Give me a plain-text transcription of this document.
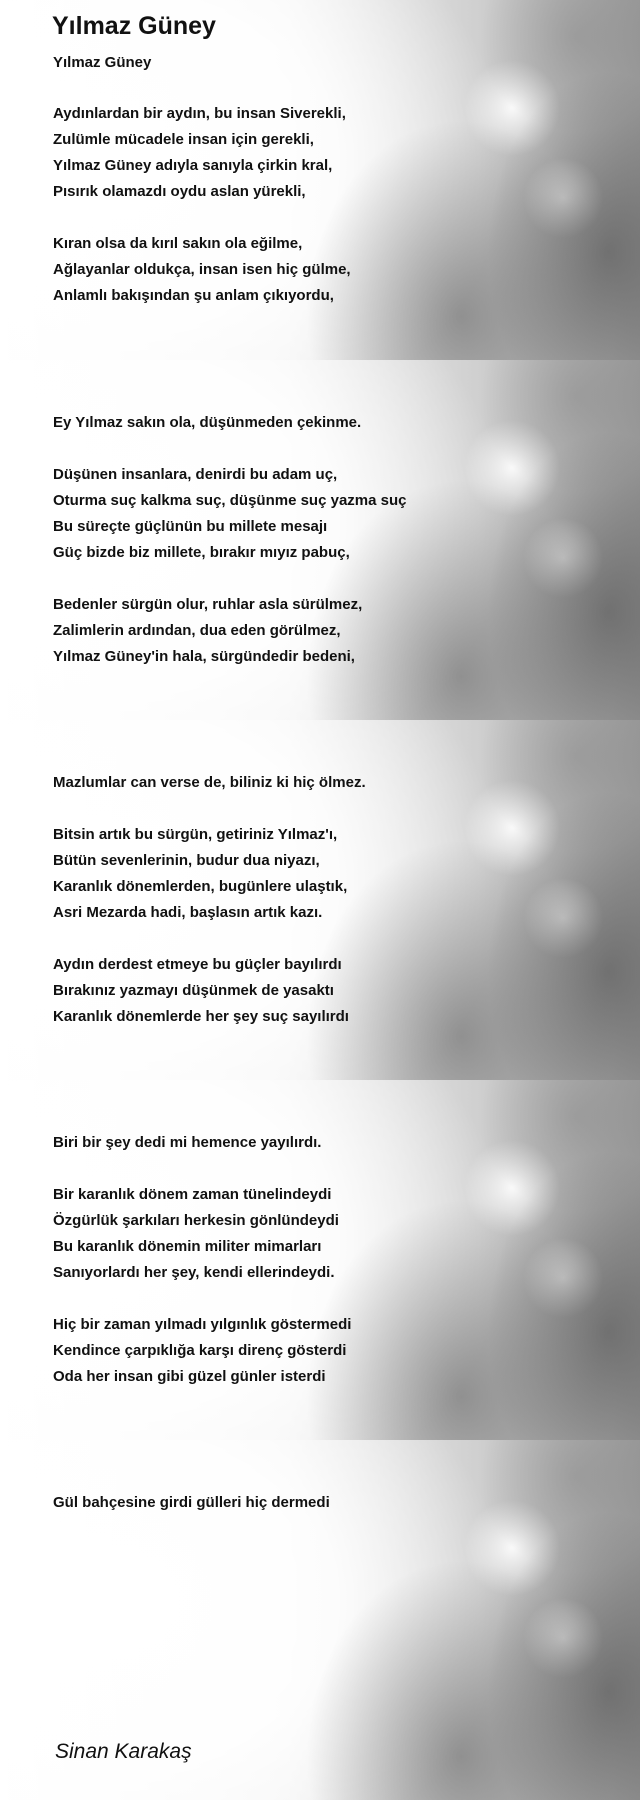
Yılmaz Güney
Yılmaz Güney
Aydınlardan bir aydın, bu insan Siverekli,
Zulümle mücadele insan için gerekli,
Yılmaz Güney adıyla sanıyla çirkin kral,
Pısırık olamazdı oydu aslan yürekli,
Kıran olsa da kırıl sakın ola eğilme,
Ağlayanlar oldukça, insan isen hiç gülme,
Anlamlı bakışından şu anlam çıkıyordu,
Ey Yılmaz sakın ola, düşünmeden çekinme.
Düşünen insanlara, denirdi bu adam uç,
Oturma suç kalkma suç, düşünme suç yazma suç
Bu süreçte güçlünün bu millete mesajı
Güç bizde biz millete, bırakır mıyız pabuç,
Bedenler sürgün olur, ruhlar asla sürülmez,
Zalimlerin ardından, dua eden görülmez,
Yılmaz Güney'in hala, sürgündedir bedeni,
Mazlumlar can verse de, biliniz ki hiç ölmez.
Bitsin artık bu sürgün, getiriniz Yılmaz'ı,
Bütün sevenlerinin, budur dua niyazı,
Karanlık dönemlerden, bugünlere ulaştık,
Asri Mezarda hadi, başlasın artık kazı.
Aydın derdest etmeye bu güçler bayılırdı
Bırakınız yazmayı düşünmek de yasaktı
Karanlık dönemlerde her şey suç sayılırdı
Biri bir şey dedi mi hemence yayılırdı.
Bir karanlık dönem zaman tünelindeydi
Özgürlük şarkıları herkesin gönlündeydi
Bu karanlık dönemin militer mimarları
Sanıyorlardı her şey, kendi ellerindeydi.
Hiç bir zaman yılmadı yılgınlık göstermedi
Kendince çarpıklığa karşı direnç gösterdi
Oda her insan gibi güzel günler isterdi
Gül bahçesine girdi gülleri hiç dermedi
Sinan Karakaş
